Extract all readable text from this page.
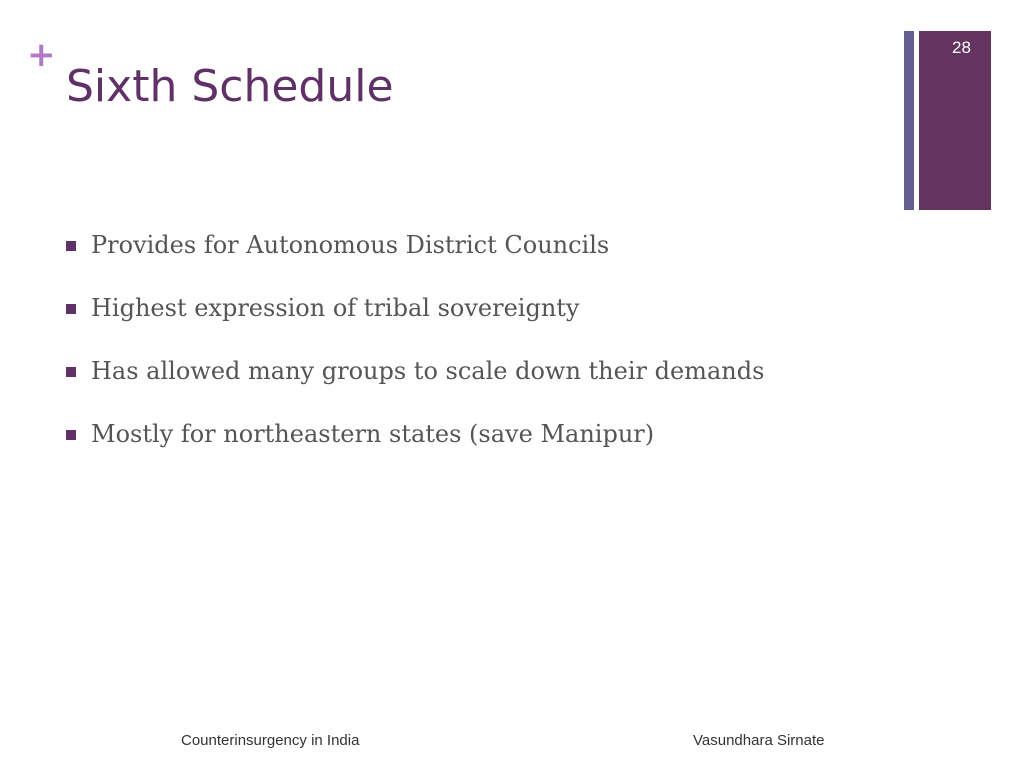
+
Sixth Schedule
28
Provides for Autonomous District Councils
Highest expression of tribal sovereignty
Has allowed many groups to scale down their demands
Mostly for northeastern states (save Manipur)
Counterinsurgency in India	Vasundhara Sirnate
